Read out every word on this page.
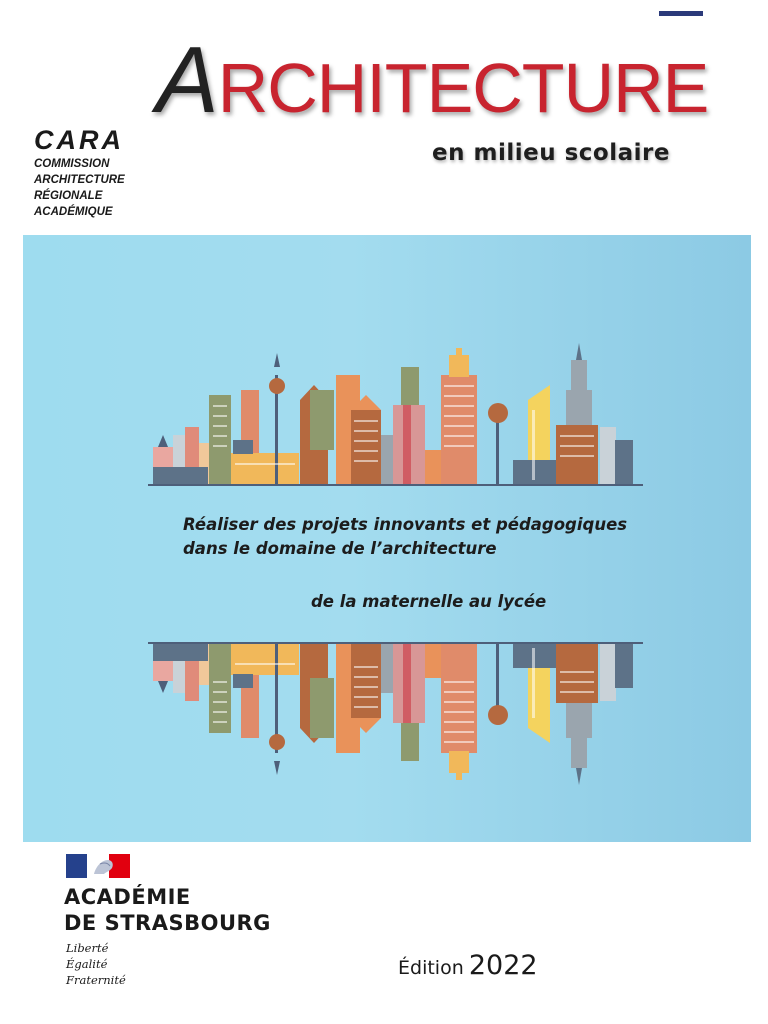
ARCHITECTURE
en milieu scolaire
CARA
COMMISSION
ARCHITECTURE
RÉGIONALE
ACADÉMIQUE
Réaliser des projets innovants et pédagogiques
dans le domaine de l’architecture
de la maternelle au lycée
ACADÉMIE
DE STRASBOURG
Liberté
Égalité
Fraternité
Édition 2022
